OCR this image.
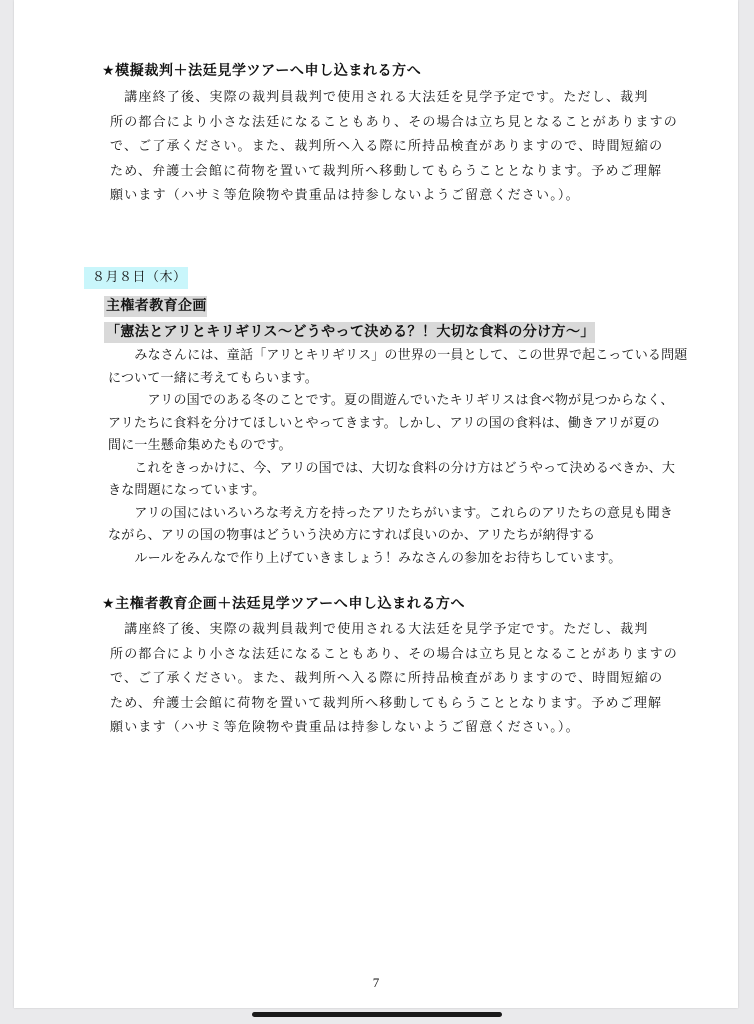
★模擬裁判＋法廷見学ツアーへ申し込まれる方へ
　講座終了後、実際の裁判員裁判で使用される大法廷を見学予定です。ただし、裁判
所の都合により小さな法廷になることもあり、その場合は立ち見となることがありますの
で、ご了承ください。また、裁判所へ入る際に所持品検査がありますので、時間短縮の
ため、弁護士会館に荷物を置いて裁判所へ移動してもらうこととなります。予めご理解
願います（ハサミ等危険物や貴重品は持参しないようご留意ください。）。
８月８日（木）
主権者教育企画
「憲法とアリとキリギリス～どうやって決める？！大切な食料の分け方～」
　　みなさんには、童話「アリとキリギリス」の世界の一員として、この世界で起こっている問題
について一緒に考えてもらいます。
　　　アリの国でのある冬のことです。夏の間遊んでいたキリギリスは食べ物が見つからなく、
アリたちに食料を分けてほしいとやってきます。しかし、アリの国の食料は、働きアリが夏の
間に一生懸命集めたものです。
　　これをきっかけに、今、アリの国では、大切な食料の分け方はどうやって決めるべきか、大
きな問題になっています。
　　アリの国にはいろいろな考え方を持ったアリたちがいます。これらのアリたちの意見も聞き
ながら、アリの国の物事はどういう決め方にすれば良いのか、アリたちが納得する
　　ルールをみんなで作り上げていきましょう！みなさんの参加をお待ちしています。
★主権者教育企画＋法廷見学ツアーへ申し込まれる方へ
　講座終了後、実際の裁判員裁判で使用される大法廷を見学予定です。ただし、裁判
所の都合により小さな法廷になることもあり、その場合は立ち見となることがありますの
で、ご了承ください。また、裁判所へ入る際に所持品検査がありますので、時間短縮の
ため、弁護士会館に荷物を置いて裁判所へ移動してもらうこととなります。予めご理解
願います（ハサミ等危険物や貴重品は持参しないようご留意ください。）。
7
